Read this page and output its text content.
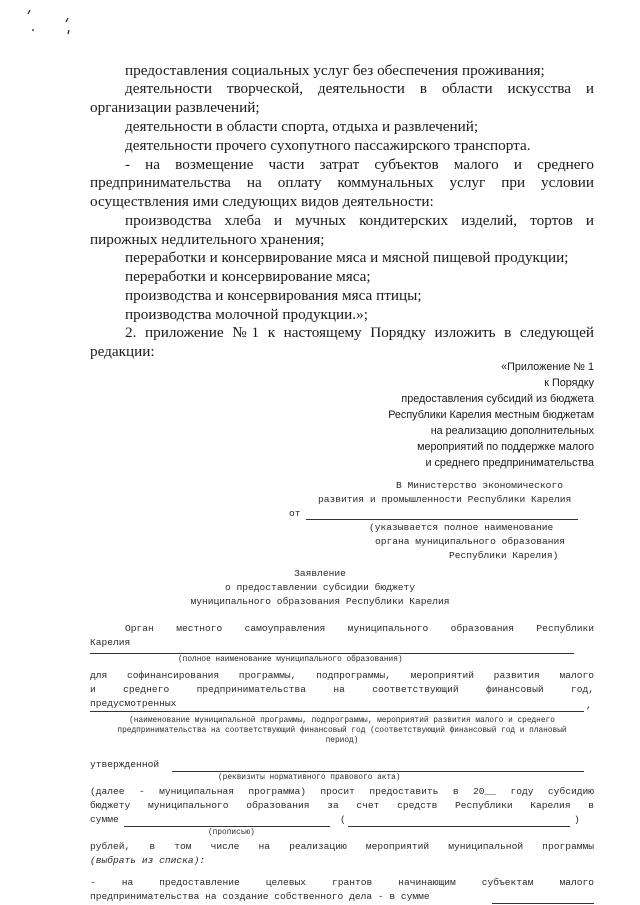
предоставления социальных услуг без обеспечения проживания;
деятельности творческой, деятельности в области искусства и
организации развлечений;
деятельности в области спорта, отдыха и развлечений;
деятельности прочего сухопутного пассажирского транспорта.
- на возмещение части затрат субъектов малого и среднего
предпринимательства на оплату коммунальных услуг при условии
осуществления ими следующих видов деятельности:
производства хлеба и мучных кондитерских изделий, тортов и
пирожных недлительного хранения;
переработки и консервирование мяса и мясной пищевой продукции;
переработки и консервирование мяса;
производства и консервирования мяса птицы;
производства молочной продукции.»;
2. приложение №1 к настоящему Порядку изложить в следующей
редакции:
«Приложение № 1
к Порядку
предоставления субсидий из бюджета
Республики Карелия местным бюджетам
на реализацию дополнительных
мероприятий по поддержке малого
и среднего предпринимательства
В Министерство экономического
развития и промышленности Республики Карелия
от
(указывается полное наименование
органа муниципального образования
Республики Карелия)
Заявление
о предоставлении субсидии бюджету
муниципального образования Республики Карелия
Орган местного самоуправления муниципального образования Республики
Карелия
(полное наименование муниципального образования)
для софинансирования программы, подпрограммы, мероприятий развития малого
и среднего предпринимательства на соответствующий финансовый год,
предусмотренных	,
(наименование муниципальной программы, подпрограммы, мероприятий развития малого и среднего
предпринимательства на соответствующий финансовый год (соответствующий финансовый год и плановый
период)
утвержденной
(реквизиты нормативного правового акта)
(далее - муниципальная программа) просит предоставить в 20__ году субсидию
бюджету муниципального образования за счет средств Республики Карелия в
сумме	(	)
(прописью)
рублей, в том числе на реализацию мероприятий муниципальной программы
(выбрать из списка):
- на предоставление целевых грантов начинающим субъектам малого
предпринимательства на создание собственного дела - в сумме
